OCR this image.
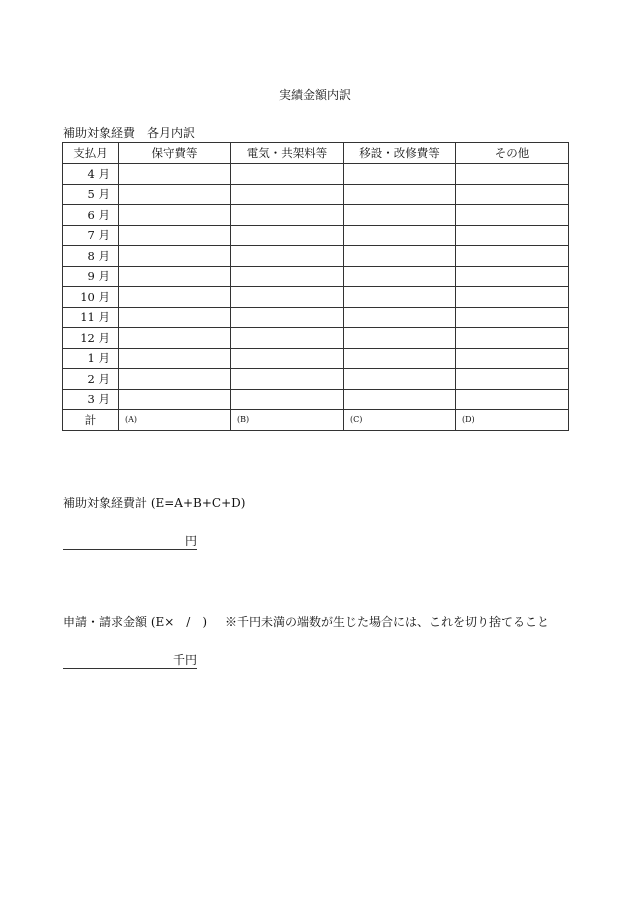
実績金額内訳
補助対象経費　各月内訳
支払月	保守費等	電気・共架料等	移設・改修費等	その他
4 月				
5 月				
6 月				
7 月				
8 月				
9 月				
10 月				
11 月				
12 月				
1 月				
2 月				
3 月				
計	(A)	(B)	(C)	(D)
補助対象経費計 (E=A+B+C+D)
円
申請・請求金額 (E×　/　) ※千円未満の端数が生じた場合には、これを切り捨てること
千円
